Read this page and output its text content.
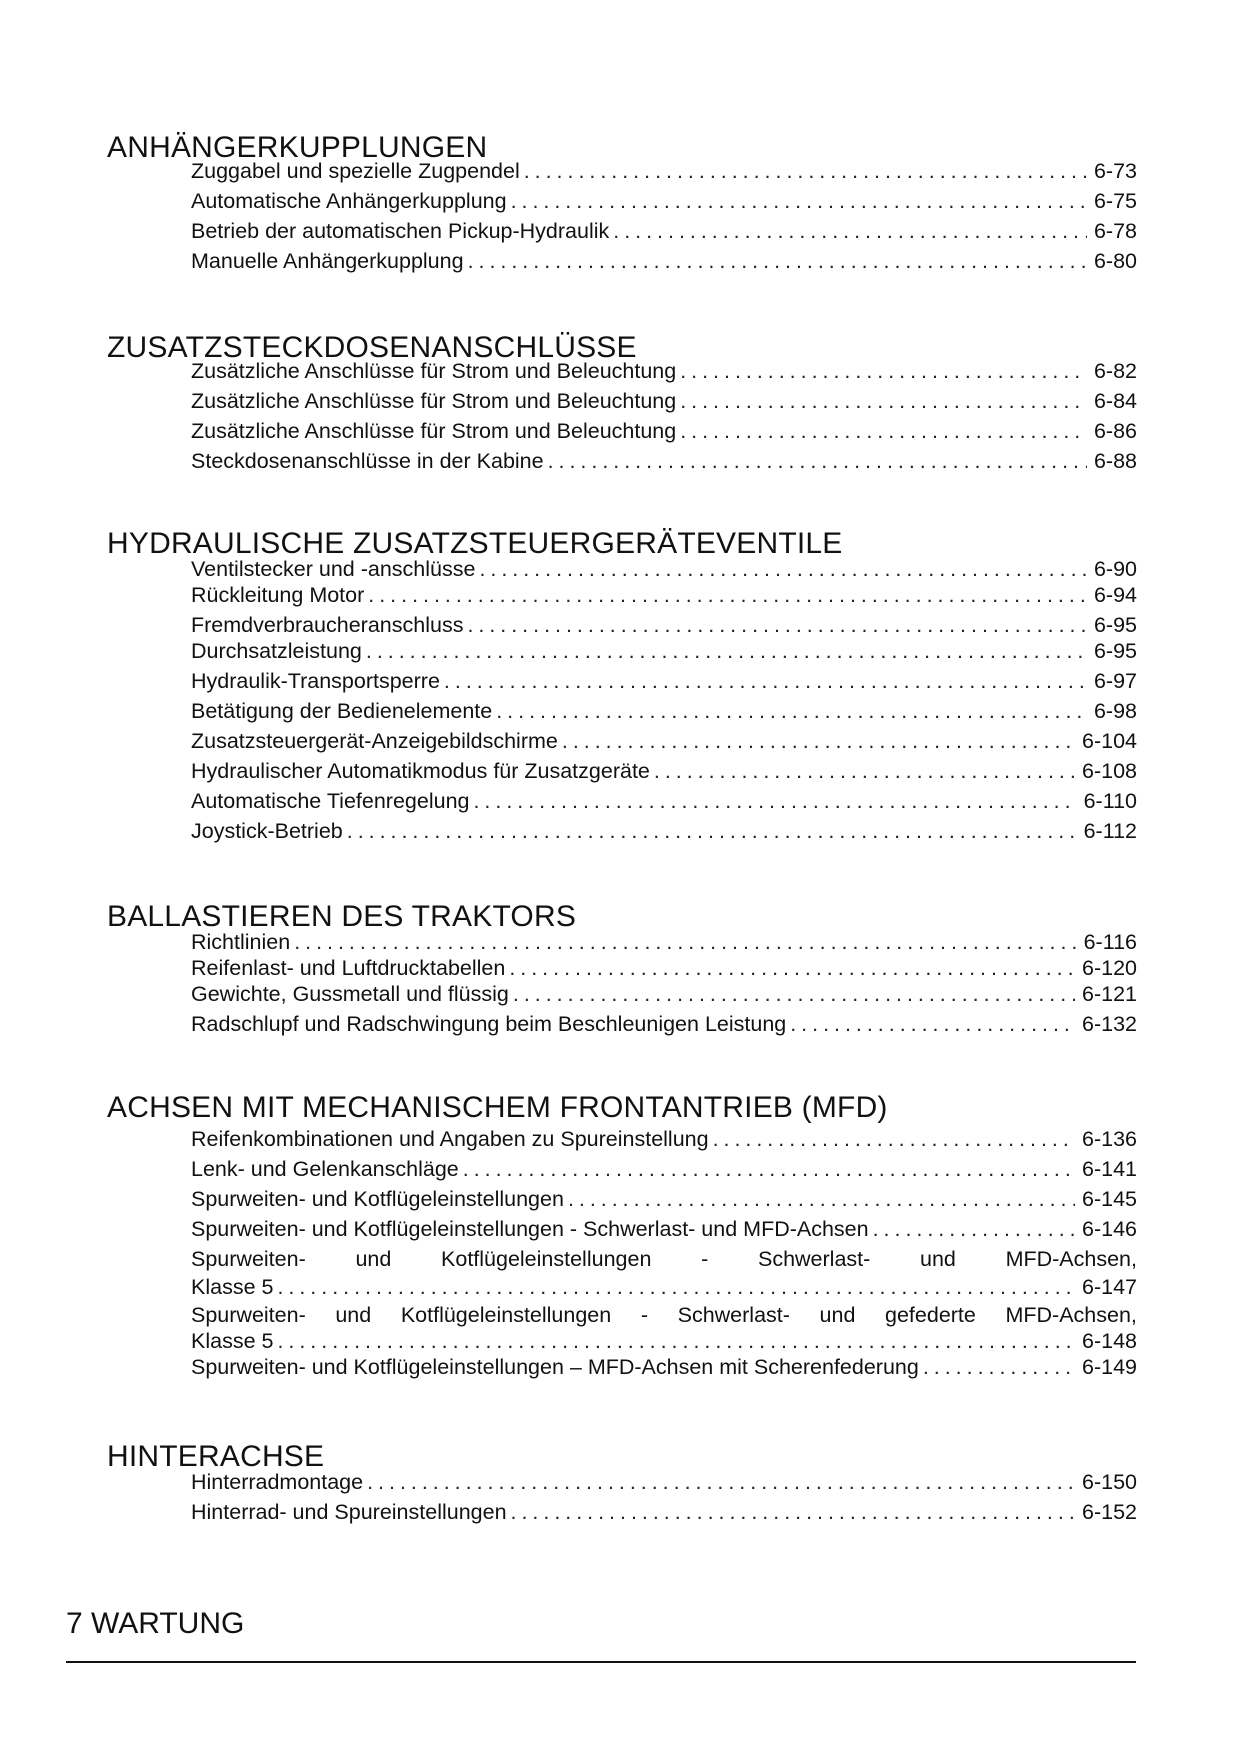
ANHÄNGERKUPPLUNGEN
Zuggabel und spezielle Zugpendel . . .	6-73
Automatische Anhängerkupplung . . .	6-75
Betrieb der automatischen Pickup-Hydraulik . . .	6-78
Manuelle Anhängerkupplung . . .	6-80
ZUSATZSTECKDOSENANSCHLÜSSE
Zusätzliche Anschlüsse für Strom und Beleuchtung . . .	6-82
Zusätzliche Anschlüsse für Strom und Beleuchtung . . .	6-84
Zusätzliche Anschlüsse für Strom und Beleuchtung . . .	6-86
Steckdosenanschlüsse in der Kabine . . .	6-88
HYDRAULISCHE ZUSATZSTEUERGERÄTEVENTILE
Ventilstecker und -anschlüsse . . .	6-90
Rückleitung Motor . . .	6-94
Fremdverbraucheranschluss . . .	6-95
Durchsatzleistung . . .	6-95
Hydraulik-Transportsperre . . .	6-97
Betätigung der Bedienelemente . . .	6-98
Zusatzsteuergerät-Anzeigebildschirme . . .	6-104
Hydraulischer Automatikmodus für Zusatzgeräte . . .	6-108
Automatische Tiefenregelung . . .	6-110
Joystick-Betrieb . . .	6-112
BALLASTIEREN DES TRAKTORS
Richtlinien . . .	6-116
Reifenlast- und Luftdrucktabellen . . .	6-120
Gewichte, Gussmetall und flüssig . . .	6-121
Radschlupf und Radschwingung beim Beschleunigen Leistung . . .	6-132
ACHSEN MIT MECHANISCHEM FRONTANTRIEB (MFD)
Reifenkombinationen und Angaben zu Spureinstellung . . .	6-136
Lenk- und Gelenkanschläge . . .	6-141
Spurweiten- und Kotflügeleinstellungen . . .	6-145
Spurweiten- und Kotflügeleinstellungen - Schwerlast- und MFD-Achsen . . .	6-146
Spurweiten- und Kotflügeleinstellungen - Schwerlast- und MFD-Achsen,
Klasse 5 . . .	6-147
Spurweiten- und Kotflügeleinstellungen - Schwerlast- und gefederte MFD-Achsen,
Klasse 5 . . .	6-148
Spurweiten- und Kotflügeleinstellungen – MFD-Achsen mit Scherenfederung . . .	6-149
HINTERACHSE
Hinterradmontage . . .	6-150
Hinterrad- und Spureinstellungen . . .	6-152
7 WARTUNG
